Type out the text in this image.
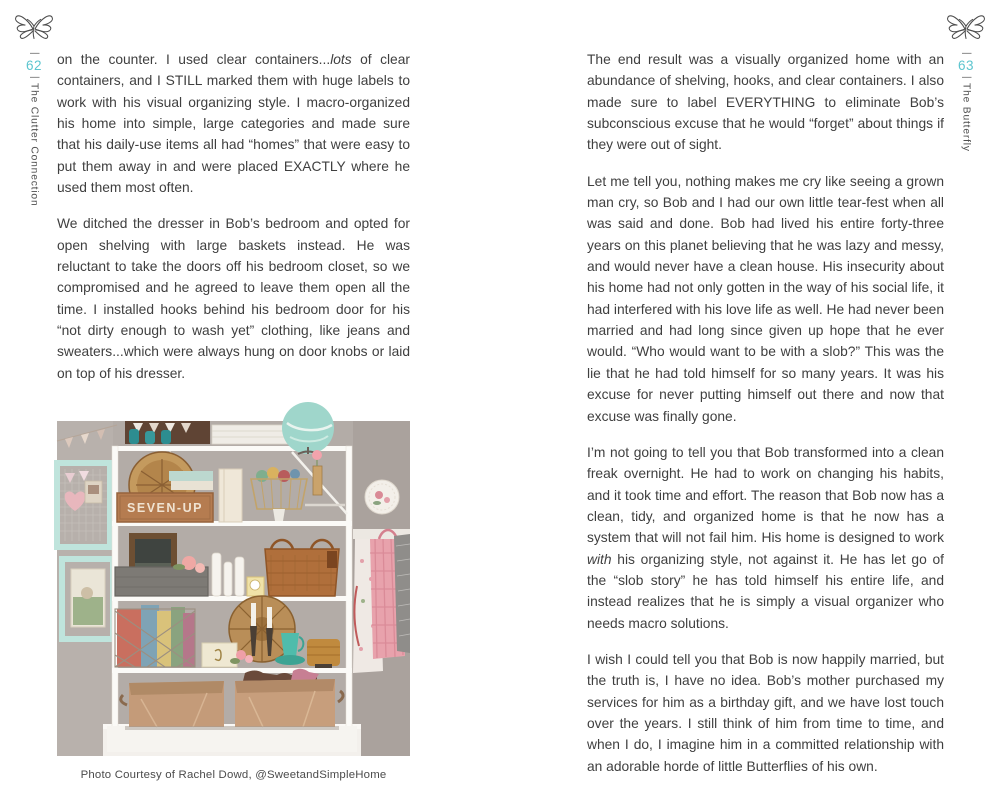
|
62
|
The Clutter Connection

on the counter. I used clear containers...lots of clear containers, and I STILL marked them with huge labels to work with his visual organizing style. I macro-organized his home into simple, large categories and made sure that his daily-use items all had “homes” that were easy to put them away in and were placed EXACTLY where he used them most often.

We ditched the dresser in Bob’s bedroom and opted for open shelving with large baskets instead. He was reluctant to take the doors off his bedroom closet, so we compromised and he agreed to leave them open all the time. I installed hooks behind his bedroom door for his “not dirty enough to wash yet” clothing, like jeans and sweaters...which were always hung on door knobs or laid on top of his dresser.

SEVEN-UP
Photo Courtesy of Rachel Dowd, @SweetandSimpleHome

The end result was a visually organized home with an abundance of shelving, hooks, and clear containers. I also made sure to label EVERYTHING to eliminate Bob’s subconscious excuse that he would “forget” about things if they were out of sight.

Let me tell you, nothing makes me cry like seeing a grown man cry, so Bob and I had our own little tear-fest when all was said and done. Bob had lived his entire forty-three years on this planet believing that he was lazy and messy, and would never have a clean house. His insecurity about his home had not only gotten in the way of his social life, it had interfered with his love life as well. He had never been married and had long since given up hope that he ever would. “Who would want to be with a slob?” This was the lie that he had told himself for so many years. It was his excuse for never putting himself out there and now that excuse was finally gone.

I’m not going to tell you that Bob transformed into a clean freak overnight. He had to work on changing his habits, and it took time and effort. The reason that Bob now has a clean, tidy, and organized home is that he now has a system that will not fail him. His home is designed to work with his organizing style, not against it. He has let go of the “slob story” he has told himself his entire life, and instead realizes that he is simply a visual organizer who needs macro solutions.

I wish I could tell you that Bob is now happily married, but the truth is, I have no idea. Bob’s mother purchased my services for him as a birthday gift, and we have lost touch over the years. I still think of him from time to time, and when I do, I imagine him in a committed relationship with an adorable horde of little Butterflies of his own.

|
63
|
The Butterfly
